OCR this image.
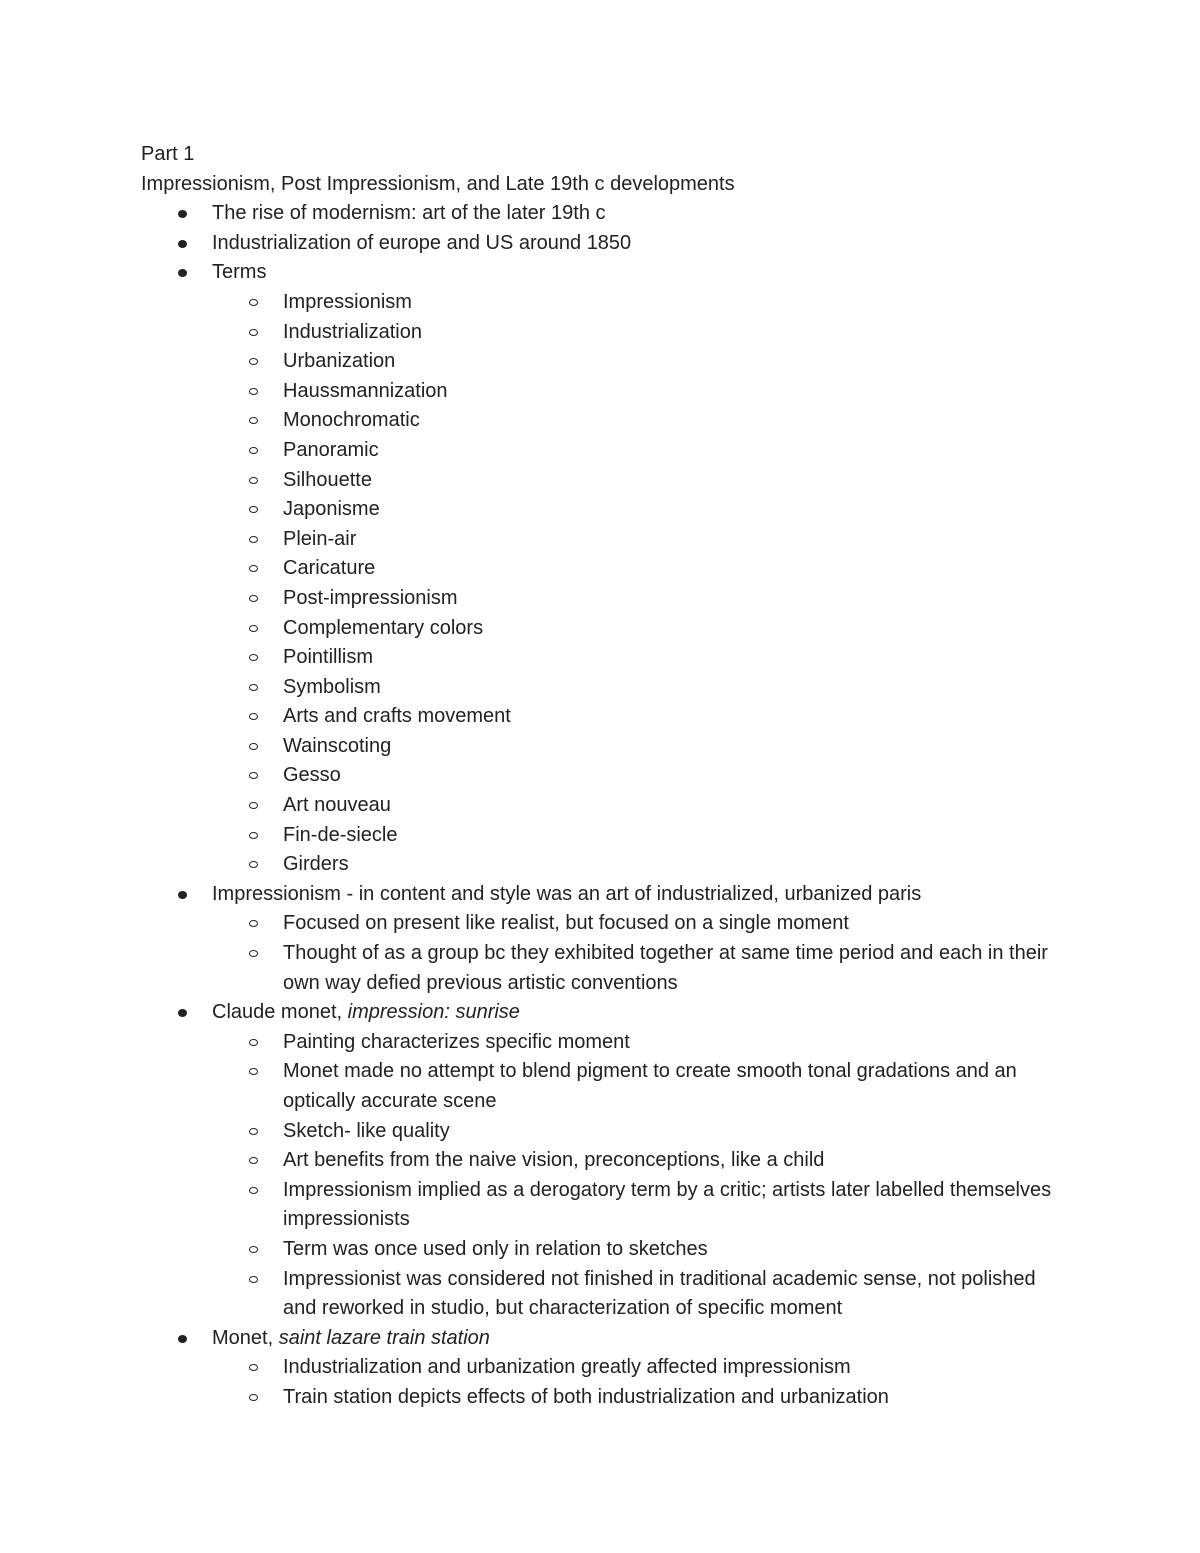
Part 1

Impressionism, Post Impressionism, and Late 19th c developments

The rise of modernism: art of the later 19th c
Industrialization of europe and US around 1850
Terms
Impressionism
Industrialization
Urbanization
Haussmannization
Monochromatic
Panoramic
Silhouette
Japonisme
Plein-air
Caricature
Post-impressionism
Complementary colors
Pointillism
Symbolism
Arts and crafts movement
Wainscoting
Gesso
Art nouveau
Fin-de-siecle
Girders
Impressionism - in content and style was an art of industrialized, urbanized paris
Focused on present like realist, but focused on a single moment
Thought of as a group bc they exhibited together at same time period and each in their own way defied previous artistic conventions
Claude monet, impression: sunrise
Painting characterizes specific moment
Monet made no attempt to blend pigment to create smooth tonal gradations and an optically accurate scene
Sketch- like quality
Art benefits from the naive vision, preconceptions, like a child
Impressionism implied as a derogatory term by a critic; artists later labelled themselves impressionists
Term was once used only in relation to sketches
Impressionist was considered not finished in traditional academic sense, not polished and reworked in studio, but characterization of specific moment
Monet, saint lazare train station
Industrialization and urbanization greatly affected impressionism
Train station depicts effects of both industrialization and urbanization
